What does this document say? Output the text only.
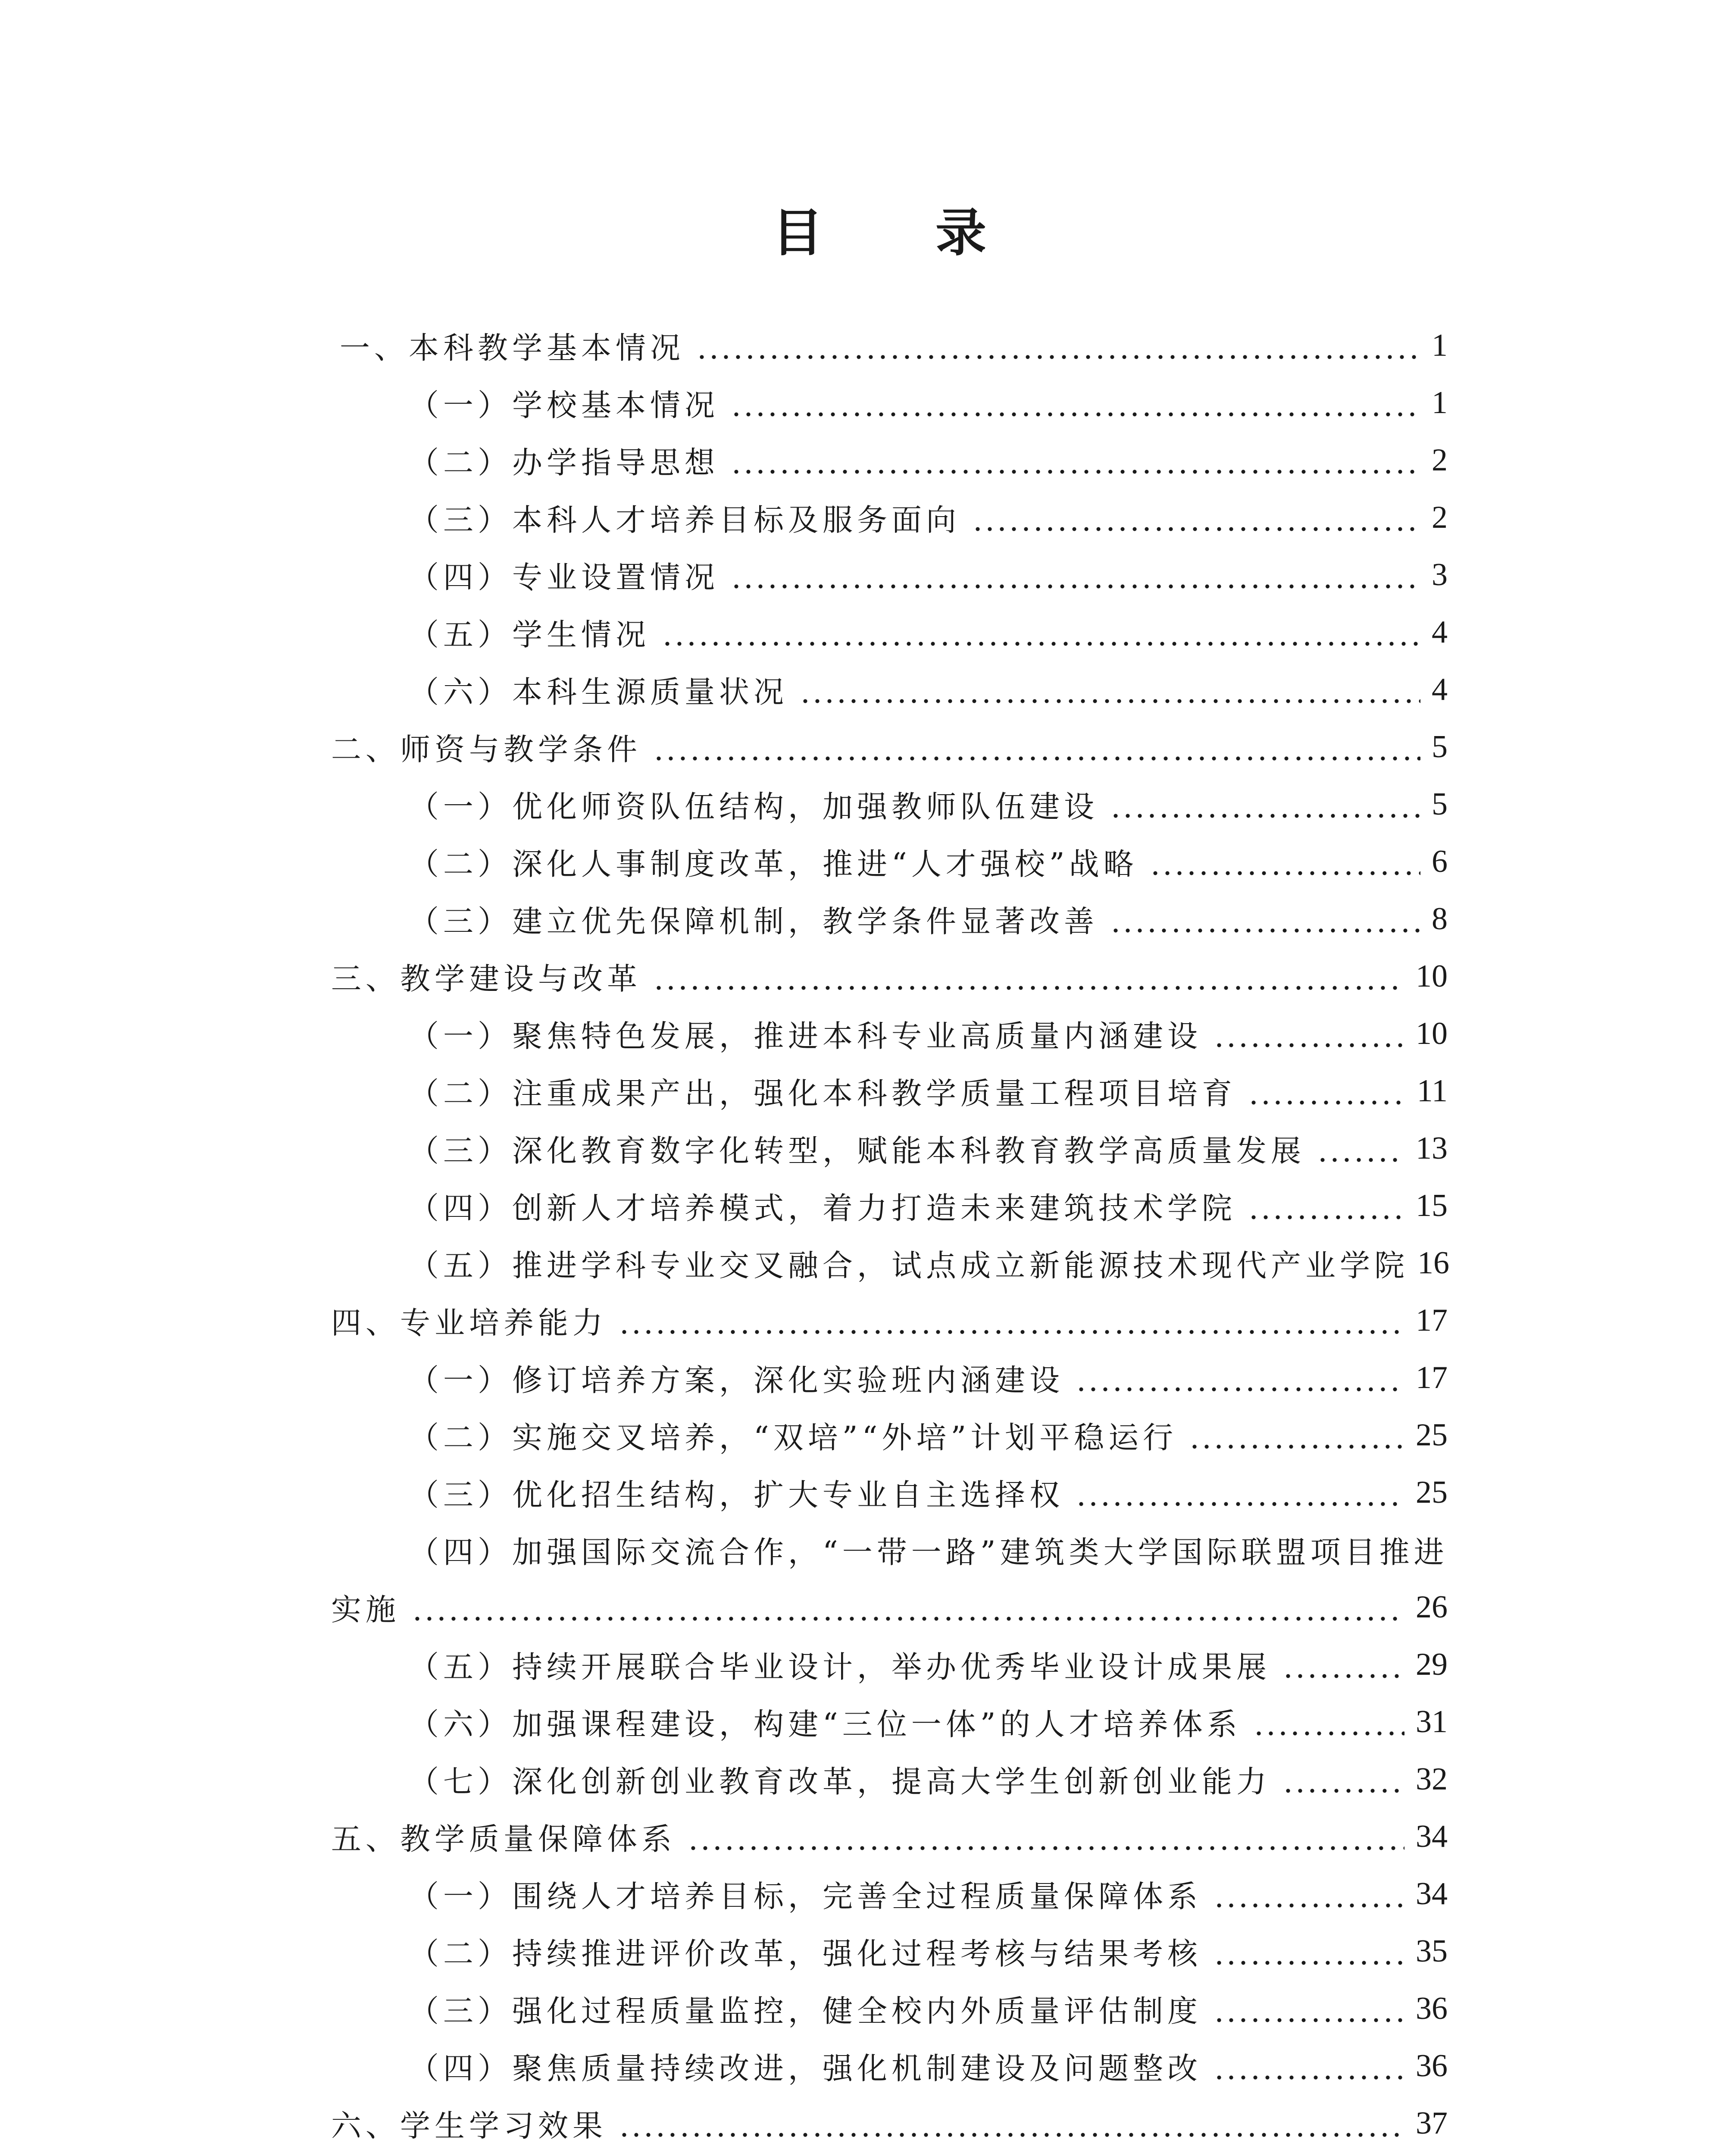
目 录
一、本科教学基本情况	1
（一）学校基本情况	1
（二）办学指导思想	2
（三）本科人才培养目标及服务面向	2
（四）专业设置情况	3
（五）学生情况	4
（六）本科生源质量状况	4
二、师资与教学条件	5
（一）优化师资队伍结构，加强教师队伍建设	5
（二）深化人事制度改革，推进“人才强校”战略	6
（三）建立优先保障机制，教学条件显著改善	8
三、教学建设与改革	10
（一）聚焦特色发展，推进本科专业高质量内涵建设	10
（二）注重成果产出，强化本科教学质量工程项目培育	11
（三）深化教育数字化转型，赋能本科教育教学高质量发展	13
（四）创新人才培养模式，着力打造未来建筑技术学院	15
（五）推进学科专业交叉融合，试点成立新能源技术现代产业学院 16
四、专业培养能力	17
（一）修订培养方案，深化实验班内涵建设	17
（二）实施交叉培养，“双培”“外培”计划平稳运行	25
（三）优化招生结构，扩大专业自主选择权	25
（四）加强国际交流合作，“一带一路”建筑类大学国际联盟项目推进
实施	26
（五）持续开展联合毕业设计，举办优秀毕业设计成果展	29
（六）加强课程建设，构建“三位一体”的人才培养体系	31
（七）深化创新创业教育改革，提高大学生创新创业能力	32
五、教学质量保障体系	34
（一）围绕人才培养目标，完善全过程质量保障体系	34
（二）持续推进评价改革，强化过程考核与结果考核	35
（三）强化过程质量监控，健全校内外质量评估制度	36
（四）聚焦质量持续改进，强化机制建设及问题整改	36
六、学生学习效果	37
